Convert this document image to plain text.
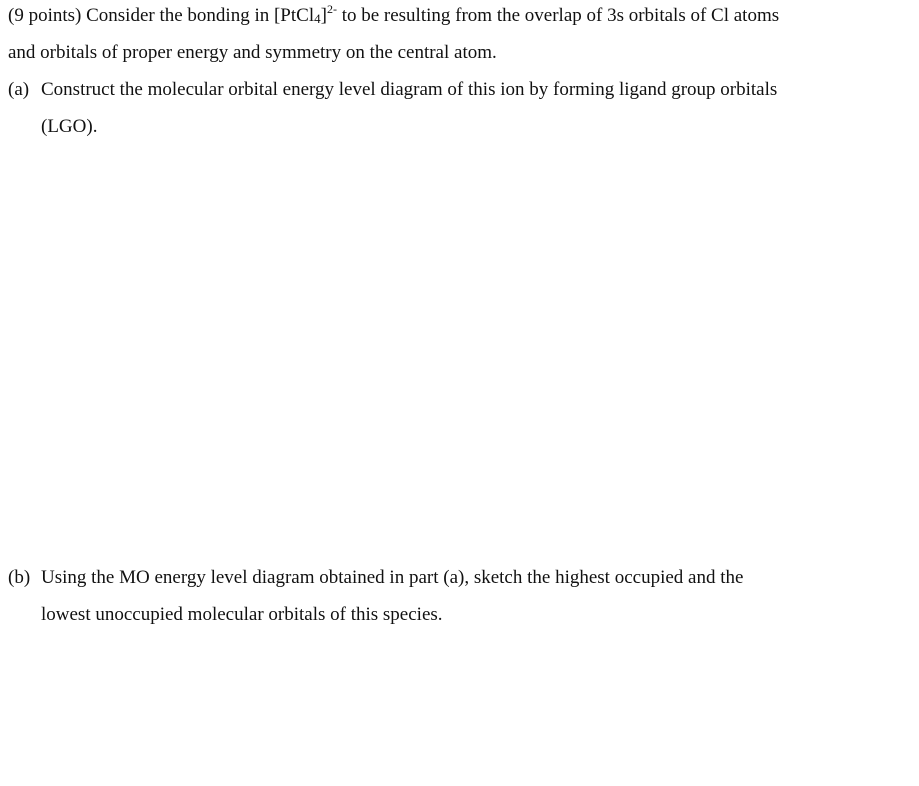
(9 points) Consider the bonding in [PtCl$_4$]$^{2-}$ to be resulting from the overlap of 3s orbitals of Cl atoms
and orbitals of proper energy and symmetry on the central atom.
(a) Construct the molecular orbital energy level diagram of this ion by forming ligand group orbitals
(LGO).
(b) Using the MO energy level diagram obtained in part (a), sketch the highest occupied and the
lowest unoccupied molecular orbitals of this species.
